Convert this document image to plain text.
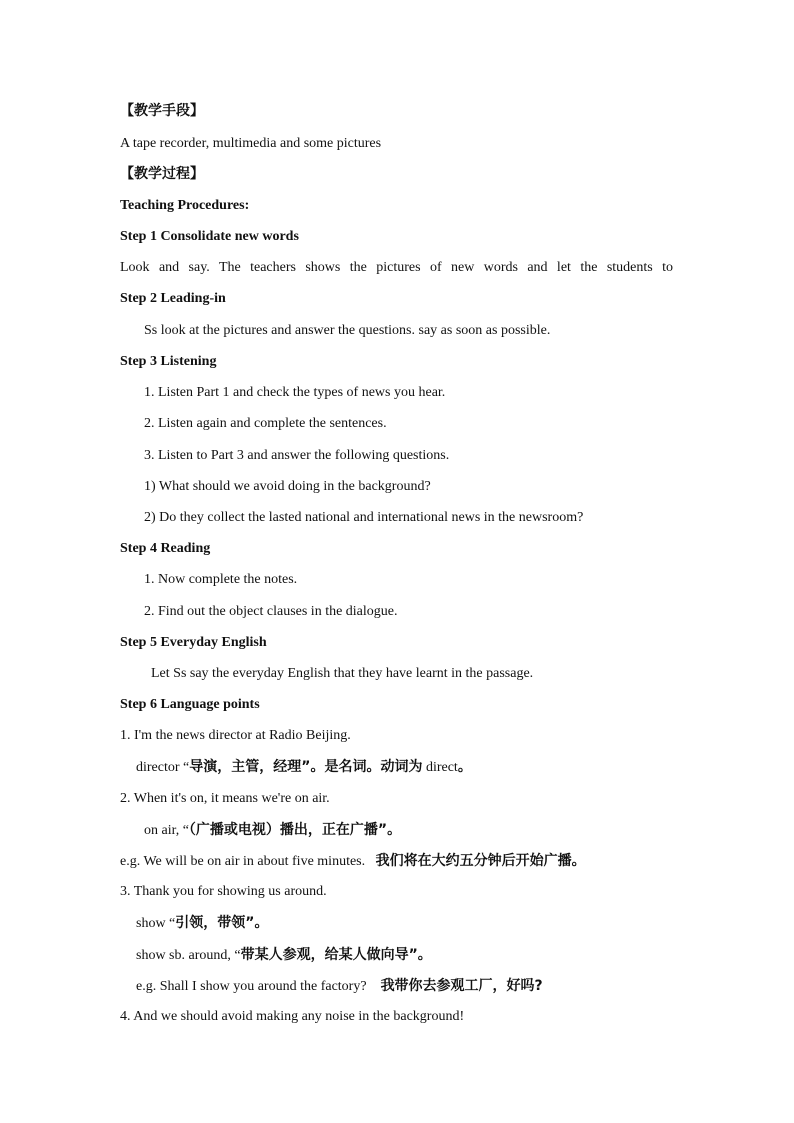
【教学手段】
A tape recorder, multimedia and some pictures
【教学过程】
Teaching Procedures:
Step 1 Consolidate new words
Look and say. The teachers shows the pictures of new words and let the students to
Step 2 Leading-in
Ss look at the pictures and answer the questions. say as soon as possible.
Step 3 Listening
1. Listen Part 1 and check the types of news you hear.
2. Listen again and complete the sentences.
3. Listen to Part 3 and answer the following questions.
1) What should we avoid doing in the background?
2) Do they collect the lasted national and international news in the newsroom?
Step 4 Reading
1. Now complete the notes.
2. Find out the object clauses in the dialogue.
Step 5 Everyday English
Let Ss say the everyday English that they have learnt in the passage.
Step 6 Language points
1. I'm the news director at Radio Beijing.
director “导演，主管，经理”。是名词。动词为 direct。
2. When it's on, it means we're on air.
on air, “（广播或电视）播出，正在广播”。
e.g. We will be on air in about five minutes.   我们将在大约五分钟后开始广播。
3. Thank you for showing us around.
show “引领，带领”。
show sb. around, “带某人参观，给某人做向导”。
e.g. Shall I show you around the factory?    我带你去参观工厂，好吗?
4. And we should avoid making any noise in the background!
